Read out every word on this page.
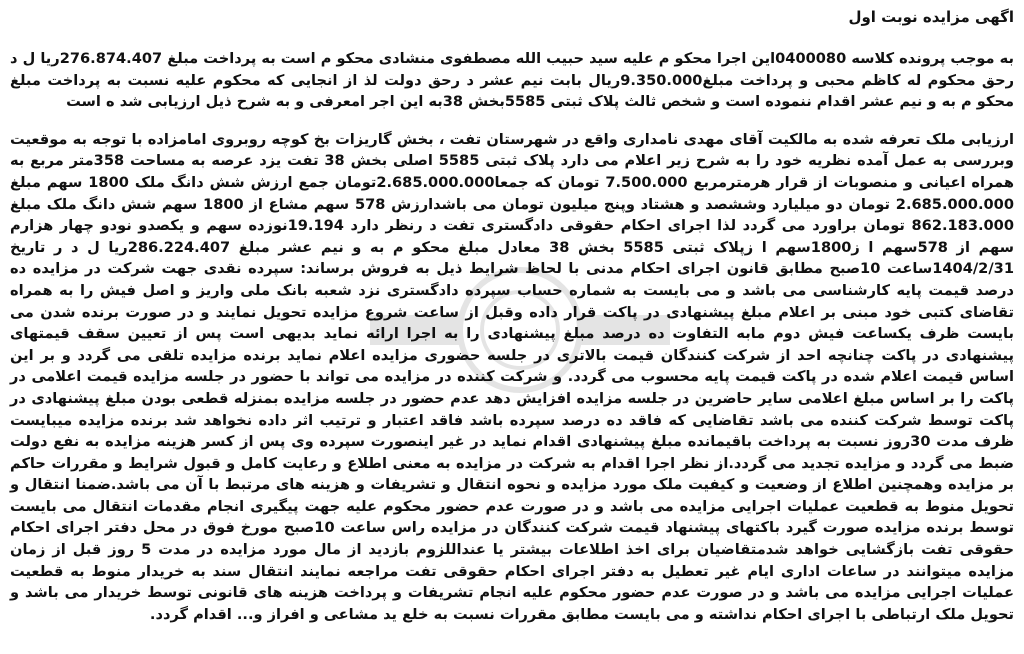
اگهی مزایده نوبت اول

به موجب پرونده کلاسه 0400080این اجرا محکو م علیه سید حبیب الله مصطفوی منشادی محکو م است به پرداخت مبلغ 276.874.407ریا ل د رحق محکوم له کاظم محبی و پرداخت مبلغ9.350.000ریال بابت نیم عشر د رحق دولت لذ از انجایی که محکوم علیه نسبت به پرداخت مبلغ محکو م به و نیم عشر اقدام ننموده است و شخص ثالث پلاک ثبتی 5585بخش 38به این اجر امعرفی و به شرح ذیل ارزیابی شد ه است

ارزیابی ملک تعرفه شده به مالکیت آقای مهدی نامداری واقع در شهرستان تفت ، بخش گاریزات بخ کوچه روبروی امامزاده با توجه به موقعیت وبررسی به عمل آمده نظریه خود را به شرح زیر اعلام می دارد پلاک ثبتی 5585 اصلی بخش 38 تفت یزد عرصه به مساحت 358متر مربع به همراه اعیانی و منصوبات از قرار هرمترمربع 7.500.000 تومان که جمعا2.685.000.000تومان جمع ارزش شش دانگ ملک 1800 سهم مبلغ 2.685.000.000 تومان دو میلیارد وششصد و هشتاد وپنج میلیون تومان می باشدارزش 578 سهم مشاع از 1800 سهم شش دانگ ملک مبلغ 862.183.000 تومان براورد می گردد لذا اجرای احکام حقوقی دادگستری تفت د رنظر دارد 19.194نوزده سهم و یکصدو نودو چهار هزارم سهم از 578سهم ا ز1800سهم ا زپلاک ثبتی 5585 بخش 38 معادل مبلغ محکو م به و نیم عشر مبلغ 286.224.407ریا ل د ر تاریخ 1404/2/31ساعت 10صبح مطابق قانون اجرای احکام مدنی با لحاظ شرایط ذیل به فروش برساند: سپرده نقدی جهت شرکت در مزایده ده درصد قیمت پایه کارشناسی می باشد و می بایست به شماره حساب سپرده دادگستری نزد شعبه بانک ملی واریز و اصل فیش را به همراه تقاضای کتبی خود مبنی بر اعلام مبلغ پیشنهادی در پاکت قرار داده وقبل از ساعت شروع مزایده تحویل نمایند و در صورت برنده شدن می بایست ظرف یکساعت فیش دوم مابه التفاوت ده درصد مبلغ پیشنهادی را به اجرا ارائه نماید بدیهی است پس از تعیین سقف قیمتهای پیشنهادی در پاکت چنانچه احد از شرکت کنندگان قیمت بالاتری در جلسه حضوری مزایده اعلام نماید برنده مزایده تلقی می گردد و بر این اساس قیمت اعلام شده در پاکت قیمت پایه محسوب می گردد. و شرکت کننده در مزایده می تواند با حضور در جلسه مزایده قیمت اعلامی در پاکت را بر اساس مبلغ اعلامی سایر حاضرین در جلسه مزایده افزایش دهد عدم حضور در جلسه مزایده بمنزله قطعی بودن مبلغ پیشنهادی در پاکت توسط شرکت کننده می باشد تقاضایی که فاقد ده درصد سپرده باشد فاقد اعتبار و ترتیب اثر داده نخواهد شد برنده مزایده میبایست ظرف مدت 30روز نسبت به پرداخت باقیمانده مبلغ پیشنهادی اقدام نماید در غیر اینصورت سپرده وی پس از کسر هزینه مزایده به نفع دولت ضبط می گردد و مزایده تجدید می گردد.از نظر اجرا اقدام به شرکت در مزایده به معنی اطلاع و رعایت کامل و قبول شرایط و مقررات حاکم بر مزایده وهمچنین اطلاع از وضعیت و کیفیت ملک مورد مزایده و نحوه انتقال و تشریفات و هزینه های مرتبط با آن می باشد.ضمنا انتقال و تحویل منوط به قطعیت عملیات اجرایی مزایده می باشد و در صورت عدم حضور محکوم علیه جهت پیگیری انجام مقدمات انتقال می بایست توسط برنده مزایده صورت گیرد باکتهای پیشنهاد قیمت شرکت کنندگان در مزایده راس ساعت 10صبح مورخ فوق در محل دفتر اجرای احکام حقوقی تفت بازگشایی خواهد شدمتقاضیان برای اخذ اطلاعات بیشتر یا عنداللزوم بازدید از مال مورد مزایده در مدت 5 روز قبل از زمان مزایده میتوانند در ساعات اداری ایام غیر تعطیل به دفتر اجرای احکام حقوقی تفت مراجعه نمایند انتقال سند به خریدار منوط به قطعیت عملیات اجرایی مزایده می باشد و در صورت عدم حضور محکوم علیه انجام تشریفات و پرداخت هزینه های قانونی توسط خریدار می باشد و تحویل ملک ارتباطی با اجرای احکام نداشته و می بایست مطابق مقررات نسبت به خلع ید مشاعی و افراز و... اقدام گردد.
